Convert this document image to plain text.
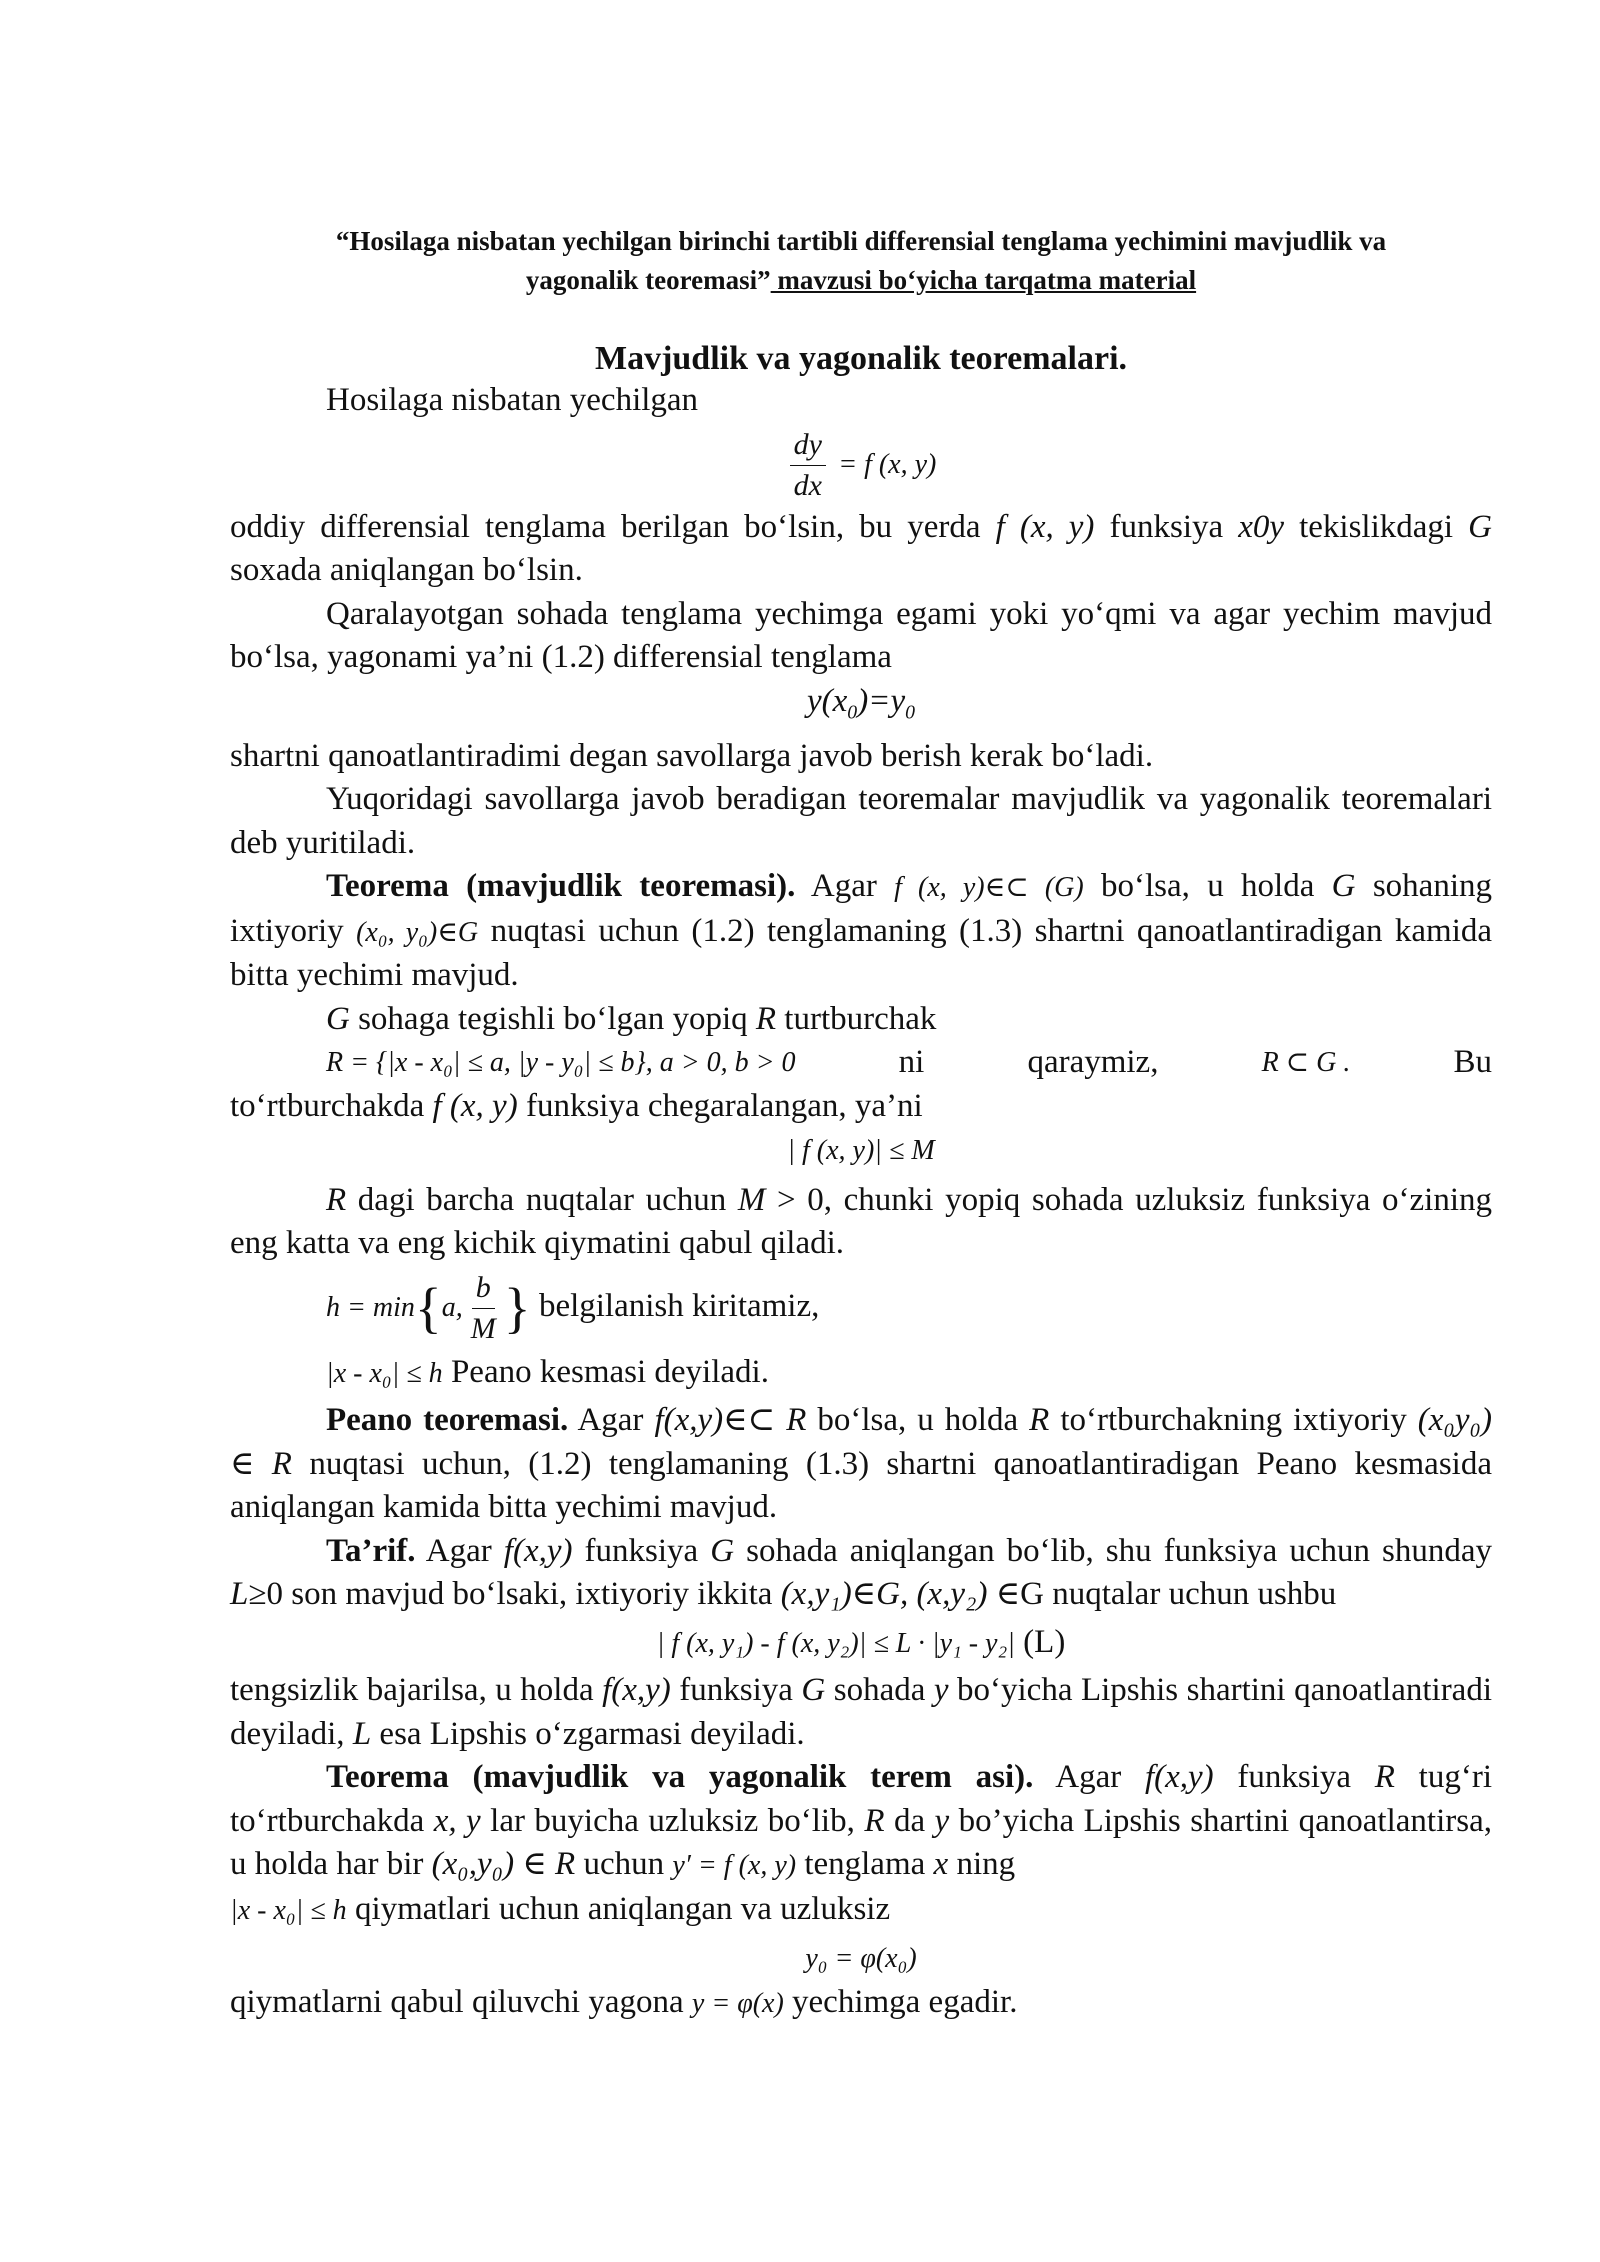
“Hosilaga nisbatan yechilgan birinchi tartibli differensial tenglama yechimini mavjudlik va
yagonalik teoremasi” mavzusi bo‘yicha tarqatma material

Mavjudlik va yagonalik teoremalari.

Hosilaga nisbatan yechilgan

$\frac{dy}{dx} = f$ (x, y)

oddiy differensial tenglama berilgan bo‘lsin, bu yerda f (x, y) funksiya x0y tekislikdagi G soxada aniqlangan bo‘lsin.

Qaralayotgan sohada tenglama yechimga egami yoki yo‘qmi va agar yechim mavjud bo‘lsa, yagonami ya’ni (1.2) differensial tenglama

$y(x_0)=y_0$

shartni qanoatlantiradimi degan savollarga javob berish kerak bo‘ladi.

Yuqoridagi savollarga javob beradigan teoremalar mavjudlik va yagonalik teoremalari deb yuritiladi.

Teorema (mavjudlik teoremasi). Agar f (x, y)∈⊂ (G) bo‘lsa, u holda G sohaning ixtiyoriy (x₀, y₀)∈G nuqtasi uchun (1.2) tenglamaning (1.3) shartni qanoatlantiradigan kamida bitta yechimi mavjud.

G sohaga tegishli bo‘lgan yopiq R turtburchak

R = {|x - x₀| ≤ a, |y - y₀| ≤ b}, a > 0, b > 0	ni	qaraymiz,	R ⊂ G .	Bu

to‘rtburchakda f (x, y) funksiya chegaralangan, ya’ni

| f (x, y)| ≤ M

R dagi barcha nuqtalar uchun M > 0, chunki yopiq sohada uzluksiz funksiya o‘zining eng katta va eng kichik qiymatini qabul qiladi.

h = min{a, $\frac{b}{M}$ } belgilanish kiritamiz,
|x - x₀| ≤ h Peano kesmasi deyiladi.

Peano teoremasi. Agar f(x,y)∈⊂ R bo‘lsa, u holda R to‘rtburchakning ixtiyoriy (x₀y₀) ∈ R nuqtasi uchun, (1.2) tenglamaning (1.3) shartni qanoatlantiradigan Peano kesmasida aniqlangan kamida bitta yechimi mavjud.

Ta’rif. Agar f(x,y) funksiya G sohada aniqlangan bo‘lib, shu funksiya uchun shunday L≥0 son mavjud bo‘lsaki, ixtiyoriy ikkita (x,y₁)∈G, (x,y₂) ∈G nuqtalar uchun ushbu

| f (x, y₁) - f (x, y₂)| ≤ L · |y₁ - y₂| (L)

tengsizlik bajarilsa, u holda f(x,y) funksiya G sohada y bo‘yicha Lipshis shartini qanoatlantiradi deyiladi, L esa Lipshis o‘zgarmasi deyiladi.

Teorema (mavjudlik va yagonalik terem asi). Agar f(x,y) funksiya R tug‘ri to‘rtburchakda x, y lar buyicha uzluksiz bo‘lib, R da y bo’yicha Lipshis shartini qanoatlantirsa, u holda har bir (x₀,y₀) ∈ R uchun y′ = f (x, y) tenglama x ning

|x - x₀| ≤ h qiymatlari uchun aniqlangan va uzluksiz
y₀ = φ(x₀)
qiymatlarni qabul qiluvchi yagona y = φ(x) yechimga egadir.
